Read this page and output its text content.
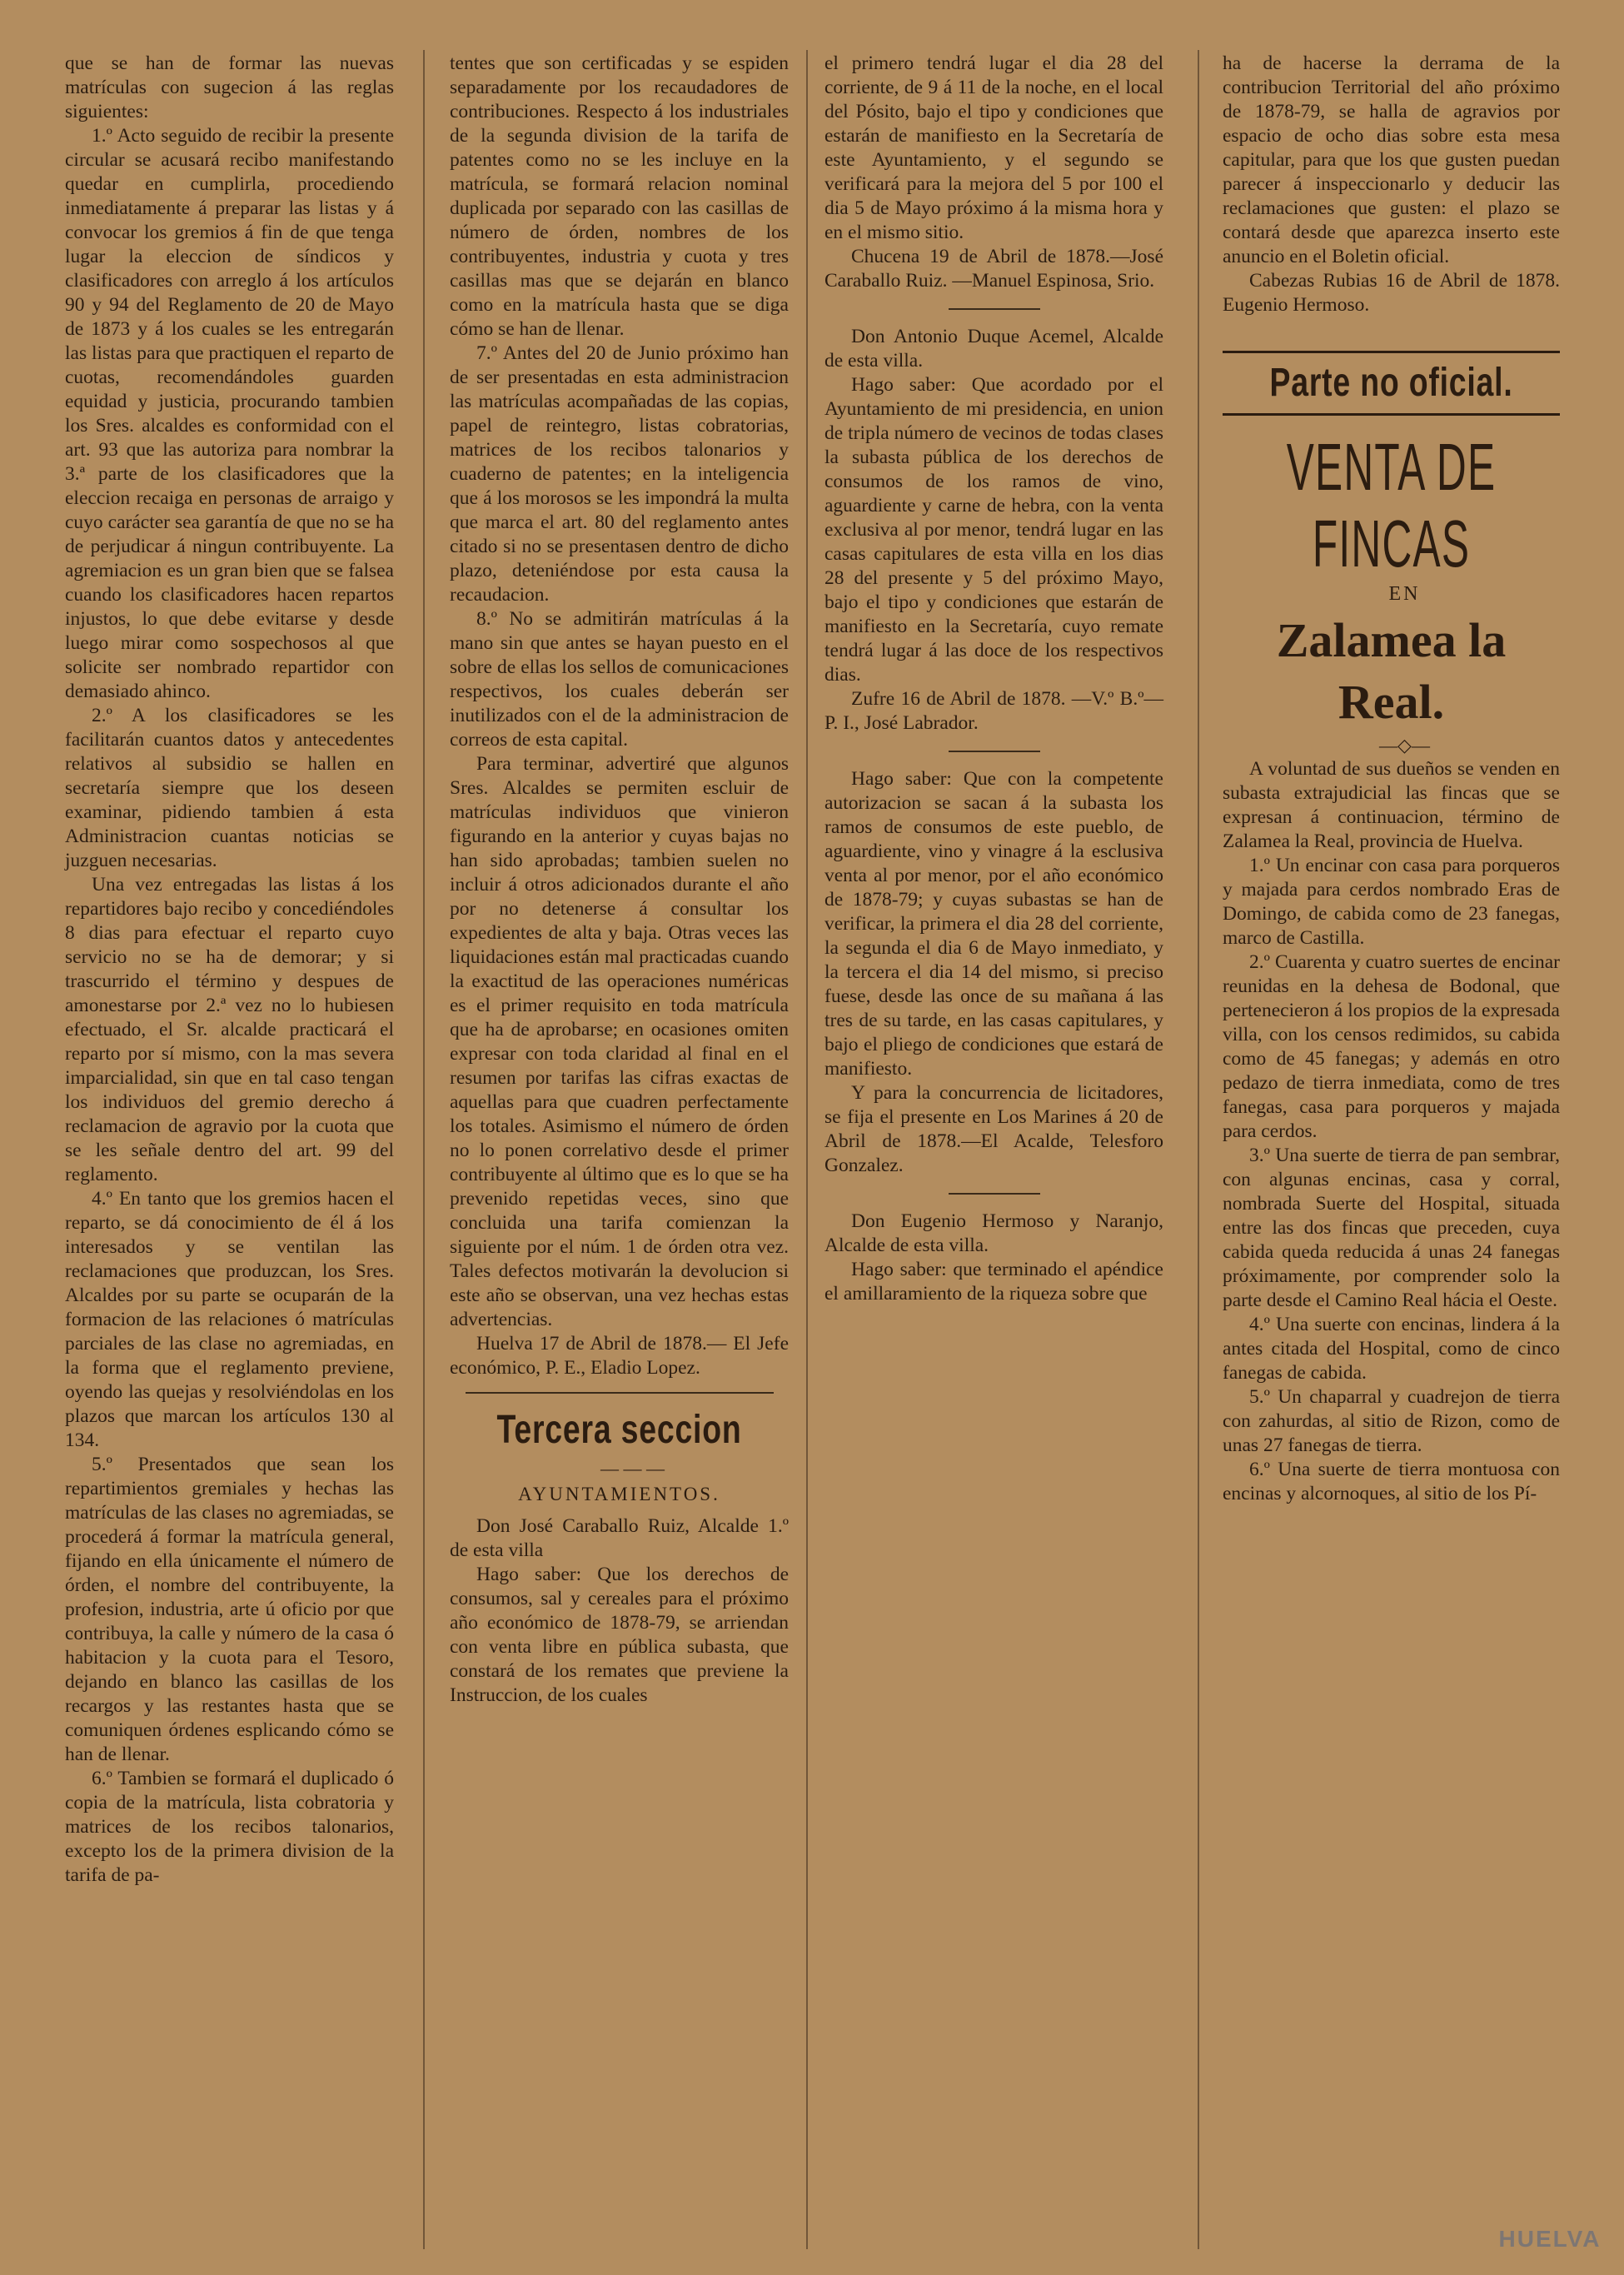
que se han de formar las nuevas matrículas con sugecion á las reglas siguientes:

1.º Acto seguido de recibir la presente circular se acusará recibo manifestando quedar en cumplirla, procediendo inmediatamente á preparar las listas y á convocar los gremios á fin de que tenga lugar la eleccion de síndicos y clasificadores con arreglo á los artículos 90 y 94 del Reglamento de 20 de Mayo de 1873 y á los cuales se les entregarán las listas para que practiquen el reparto de cuotas, recomendándoles guarden equidad y justicia, procurando tambien los Sres. alcaldes es conformidad con el art. 93 que las autoriza para nombrar la 3.ª parte de los clasificadores que la eleccion recaiga en personas de arraigo y cuyo carácter sea garantía de que no se ha de perjudicar á ningun contribuyente. La agremiacion es un gran bien que se falsea cuando los clasificadores hacen repartos injustos, lo que debe evitarse y desde luego mirar como sospechosos al que solicite ser nombrado repartidor con demasiado ahinco.

2.º A los clasificadores se les facilitarán cuantos datos y antecedentes relativos al subsidio se hallen en secretaría siempre que los deseen examinar, pidiendo tambien á esta Administracion cuantas noticias se juzguen necesarias.

Una vez entregadas las listas á los repartidores bajo recibo y concediéndoles 8 dias para efectuar el reparto cuyo servicio no se ha de demorar; y si trascurrido el término y despues de amonestarse por 2.ª vez no lo hubiesen efectuado, el Sr. alcalde practicará el reparto por sí mismo, con la mas severa imparcialidad, sin que en tal caso tengan los individuos del gremio derecho á reclamacion de agravio por la cuota que se les señale dentro del art. 99 del reglamento.

4.º En tanto que los gremios hacen el reparto, se dá conocimiento de él á los interesados y se ventilan las reclamaciones que produzcan, los Sres. Alcaldes por su parte se ocuparán de la formacion de las relaciones ó matrículas parciales de las clase no agremiadas, en la forma que el reglamento previene, oyendo las quejas y resolviéndolas en los plazos que marcan los artículos 130 al 134.

5.º Presentados que sean los repartimientos gremiales y hechas las matrículas de las clases no agremiadas, se procederá á formar la matrícula general, fijando en ella únicamente el número de órden, el nombre del contribuyente, la profesion, industria, arte ú oficio por que contribuya, la calle y número de la casa ó habitacion y la cuota para el Tesoro, dejando en blanco las casillas de los recargos y las restantes hasta que se comuniquen órdenes esplicando cómo se han de llenar.

6.º Tambien se formará el duplicado ó copia de la matrícula, lista cobratoria y matrices de los recibos talonarios, excepto los de la primera division de la tarifa de pa-

tentes que son certificadas y se espiden separadamente por los recaudadores de contribuciones. Respecto á los industriales de la segunda division de la tarifa de patentes como no se les incluye en la matrícula, se formará relacion nominal duplicada por separado con las casillas de número de órden, nombres de los contribuyentes, industria y cuota y tres casillas mas que se dejarán en blanco como en la matrícula hasta que se diga cómo se han de llenar.

7.º Antes del 20 de Junio próximo han de ser presentadas en esta administracion las matrículas acompañadas de las copias, papel de reintegro, listas cobratorias, matrices de los recibos talonarios y cuaderno de patentes; en la inteligencia que á los morosos se les impondrá la multa que marca el art. 80 del reglamento antes citado si no se presentasen dentro de dicho plazo, deteniéndose por esta causa la recaudacion.

8.º No se admitirán matrículas á la mano sin que antes se hayan puesto en el sobre de ellas los sellos de comunicaciones respectivos, los cuales deberán ser inutilizados con el de la administracion de correos de esta capital.

Para terminar, advertiré que algunos Sres. Alcaldes se permiten escluir de matrículas individuos que vinieron figurando en la anterior y cuyas bajas no han sido aprobadas; tambien suelen no incluir á otros adicionados durante el año por no detenerse á consultar los expedientes de alta y baja. Otras veces las liquidaciones están mal practicadas cuando la exactitud de las operaciones numéricas es el primer requisito en toda matrícula que ha de aprobarse; en ocasiones omiten expresar con toda claridad al final en el resumen por tarifas las cifras exactas de aquellas para que cuadren perfectamente los totales. Asimismo el número de órden no lo ponen correlativo desde el primer contribuyente al último que es lo que se ha prevenido repetidas veces, sino que concluida una tarifa comienzan la siguiente por el núm. 1 de órden otra vez. Tales defectos motivarán la devolucion si este año se observan, una vez hechas estas advertencias.

Huelva 17 de Abril de 1878.— El Jefe económico, P. E., Eladio Lopez.

Tercera seccion

— — —

AYUNTAMIENTOS.

Don José Caraballo Ruiz, Alcalde 1.º de esta villa

Hago saber: Que los derechos de consumos, sal y cereales para el próximo año económico de 1878-79, se arriendan con venta libre en pública subasta, que constará de los remates que previene la Instruccion, de los cuales

el primero tendrá lugar el dia 28 del corriente, de 9 á 11 de la noche, en el local del Pósito, bajo el tipo y condiciones que estarán de manifiesto en la Secretaría de este Ayuntamiento, y el segundo se verificará para la mejora del 5 por 100 el dia 5 de Mayo próximo á la misma hora y en el mismo sitio.

Chucena 19 de Abril de 1878.—José Caraballo Ruiz. —Manuel Espinosa, Srio.

Don Antonio Duque Acemel, Alcalde de esta villa.

Hago saber: Que acordado por el Ayuntamiento de mi presidencia, en union de tripla número de vecinos de todas clases la subasta pública de los derechos de consumos de los ramos de vino, aguardiente y carne de hebra, con la venta exclusiva al por menor, tendrá lugar en las casas capitulares de esta villa en los dias 28 del presente y 5 del próximo Mayo, bajo el tipo y condiciones que estarán de manifiesto en la Secretaría, cuyo remate tendrá lugar á las doce de los respectivos dias.

Zufre 16 de Abril de 1878. —V.º B.º—P. I., José Labrador.

Hago saber: Que con la competente autorizacion se sacan á la subasta los ramos de consumos de este pueblo, de aguardiente, vino y vinagre á la esclusiva venta al por menor, por el año económico de 1878-79; y cuyas subastas se han de verificar, la primera el dia 28 del corriente, la segunda el dia 6 de Mayo inmediato, y la tercera el dia 14 del mismo, si preciso fuese, desde las once de su mañana á las tres de su tarde, en las casas capitulares, y bajo el pliego de condiciones que estará de manifiesto.

Y para la concurrencia de licitadores, se fija el presente en Los Marines á 20 de Abril de 1878.—El Acalde, Telesforo Gonzalez.

Don Eugenio Hermoso y Naranjo, Alcalde de esta villa.

Hago saber: que terminado el apéndice el amillaramiento de la riqueza sobre que

ha de hacerse la derrama de la contribucion Territorial del año próximo de 1878-79, se halla de agravios por espacio de ocho dias sobre esta mesa capitular, para que los que gusten puedan parecer á inspeccionarlo y deducir las reclamaciones que gusten: el plazo se contará desde que aparezca inserto este anuncio en el Boletin oficial.

Cabezas Rubias 16 de Abril de 1878. Eugenio Hermoso.

Parte no oficial.
VENTA DE FINCAS

EN

Zalamea la Real.

—◇—

A voluntad de sus dueños se venden en subasta extrajudicial las fincas que se expresan á continuacion, término de Zalamea la Real, provincia de Huelva.

1.º Un encinar con casa para porqueros y majada para cerdos nombrado Eras de Domingo, de cabida como de 23 fanegas, marco de Castilla.

2.º Cuarenta y cuatro suertes de encinar reunidas en la dehesa de Bodonal, que pertenecieron á los propios de la expresada villa, con los censos redimidos, su cabida como de 45 fanegas; y además en otro pedazo de tierra inmediata, como de tres fanegas, casa para porqueros y majada para cerdos.

3.º Una suerte de tierra de pan sembrar, con algunas encinas, casa y corral, nombrada Suerte del Hospital, situada entre las dos fincas que preceden, cuya cabida queda reducida á unas 24 fanegas próximamente, por comprender solo la parte desde el Camino Real hácia el Oeste.

4.º Una suerte con encinas, lindera á la antes citada del Hospital, como de cinco fanegas de cabida.

5.º Un chaparral y cuadrejon de tierra con zahurdas, al sitio de Rizon, como de unas 27 fanegas de tierra.

6.º Una suerte de tierra montuosa con encinas y alcornoques, al sitio de los Pí-

HUELVA
